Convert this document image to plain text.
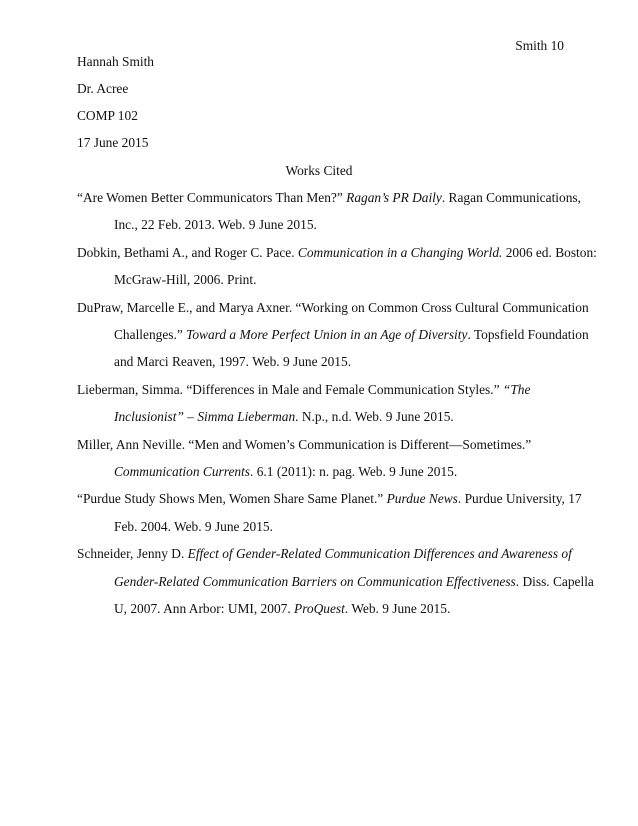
Smith 10
Hannah Smith
Dr. Acree
COMP 102
17 June 2015
Works Cited
“Are Women Better Communicators Than Men?” Ragan’s PR Daily. Ragan Communications,
Inc., 22 Feb. 2013. Web. 9 June 2015.
Dobkin, Bethami A., and Roger C. Pace. Communication in a Changing World. 2006 ed. Boston:
McGraw-Hill, 2006. Print.
DuPraw, Marcelle E., and Marya Axner. “Working on Common Cross Cultural Communication
Challenges.” Toward a More Perfect Union in an Age of Diversity. Topsfield Foundation
and Marci Reaven, 1997. Web. 9 June 2015.
Lieberman, Simma. “Differences in Male and Female Communication Styles.” “The
Inclusionist” – Simma Lieberman. N.p., n.d. Web. 9 June 2015.
Miller, Ann Neville. “Men and Women’s Communication is Different—Sometimes.”
Communication Currents. 6.1 (2011): n. pag. Web. 9 June 2015.
“Purdue Study Shows Men, Women Share Same Planet.” Purdue News. Purdue University, 17
Feb. 2004. Web. 9 June 2015.
Schneider, Jenny D. Effect of Gender-Related Communication Differences and Awareness of
Gender-Related Communication Barriers on Communication Effectiveness. Diss. Capella
U, 2007. Ann Arbor: UMI, 2007. ProQuest. Web. 9 June 2015.
